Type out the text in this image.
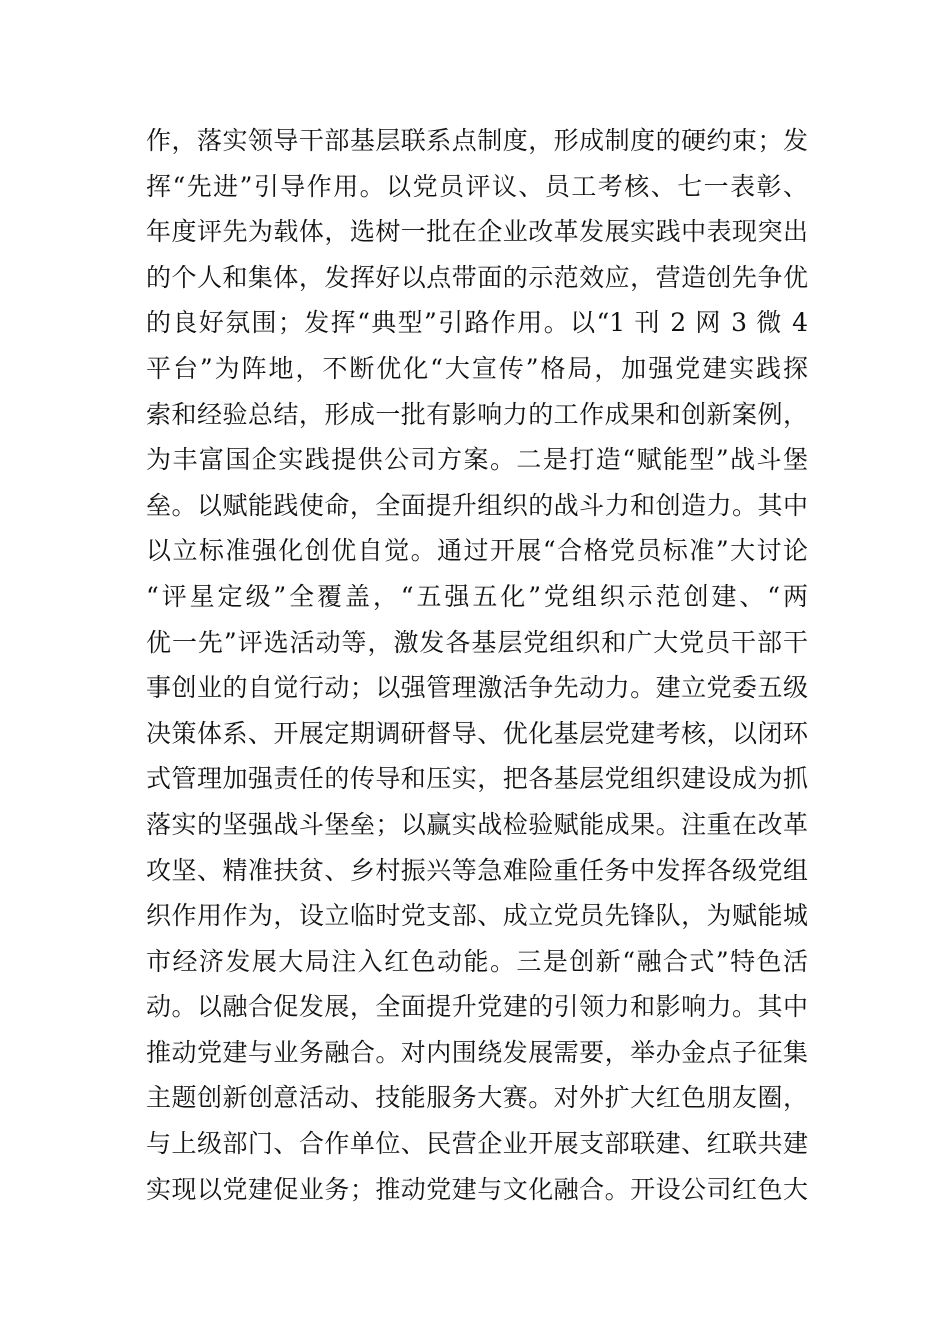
作，落实领导干部基层联系点制度，形成制度的硬约束；发
挥“先进”引导作用。以党员评议、员工考核、七一表彰、
年度评先为载体，选树一批在企业改革发展实践中表现突出
的个人和集体，发挥好以点带面的示范效应，营造创先争优
的良好氛围；发挥“典型”引路作用。以“1 刊 2 网 3 微 4
平台”为阵地，不断优化“大宣传”格局，加强党建实践探
索和经验总结，形成一批有影响力的工作成果和创新案例，
为丰富国企实践提供公司方案。二是打造“赋能型”战斗堡
垒。以赋能践使命，全面提升组织的战斗力和创造力。其中
以立标准强化创优自觉。通过开展“合格党员标准”大讨论
“评星定级”全覆盖，“五强五化”党组织示范创建、“两
优一先”评选活动等，激发各基层党组织和广大党员干部干
事创业的自觉行动；以强管理激活争先动力。建立党委五级
决策体系、开展定期调研督导、优化基层党建考核，以闭环
式管理加强责任的传导和压实，把各基层党组织建设成为抓
落实的坚强战斗堡垒；以赢实战检验赋能成果。注重在改革
攻坚、精准扶贫、乡村振兴等急难险重任务中发挥各级党组
织作用作为，设立临时党支部、成立党员先锋队，为赋能城
市经济发展大局注入红色动能。三是创新“融合式”特色活
动。以融合促发展，全面提升党建的引领力和影响力。其中
推动党建与业务融合。对内围绕发展需要，举办金点子征集
主题创新创意活动、技能服务大赛。对外扩大红色朋友圈，
与上级部门、合作单位、民营企业开展支部联建、红联共建
实现以党建促业务；推动党建与文化融合。开设公司红色大
